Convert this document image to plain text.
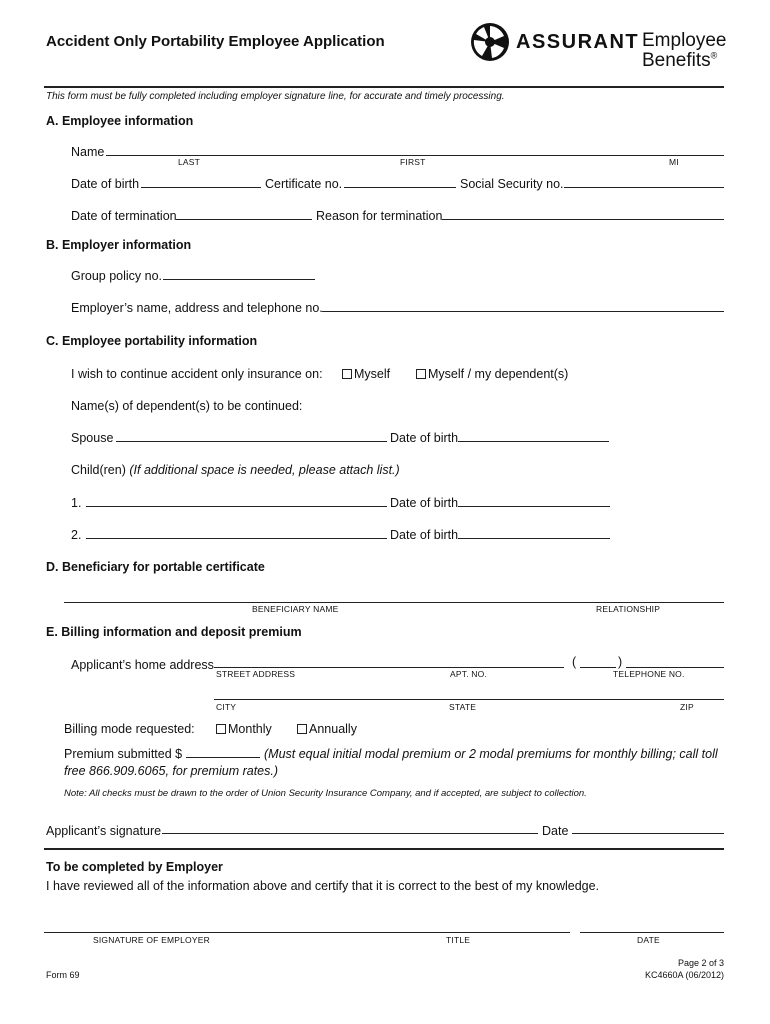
Accident Only Portability Employee Application	ASSURANT Employee
Benefits®
This form must be fully completed including employer signature line, for accurate and timely processing.
A. Employee information
Name
LAST	FIRST	MI
Date of birth	Certificate no.	Social Security no.
Date of termination	Reason for termination
B. Employer information
Group policy no.
Employer’s name, address and telephone no.
C. Employee portability information
I wish to continue accident only insurance on:	Myself	Myself / my dependent(s)
Name(s) of dependent(s) to be continued:
Spouse	Date of birth
Child(ren) (If additional space is needed, please attach list.)
1.	Date of birth
2.	Date of birth
D. Beneficiary for portable certificate
BENEFICIARY NAME	RELATIONSHIP
E. Billing information and deposit premium
Applicant’s home address	(	)
STREET ADDRESS	APT. NO.	TELEPHONE NO.
CITY	STATE	ZIP
Billing mode requested:	Monthly	Annually
Premium submitted $	(Must equal initial modal premium or 2 modal premiums for monthly billing; call toll
free 866.909.6065, for premium rates.)
Note: All checks must be drawn to the order of Union Security Insurance Company, and if accepted, are subject to collection.
Applicant’s signature	Date
To be completed by Employer
I have reviewed all of the information above and certify that it is correct to the best of my knowledge.
SIGNATURE OF EMPLOYER	TITLE	DATE
Form 69
Page 2 of 3
KC4660A (06/2012)
